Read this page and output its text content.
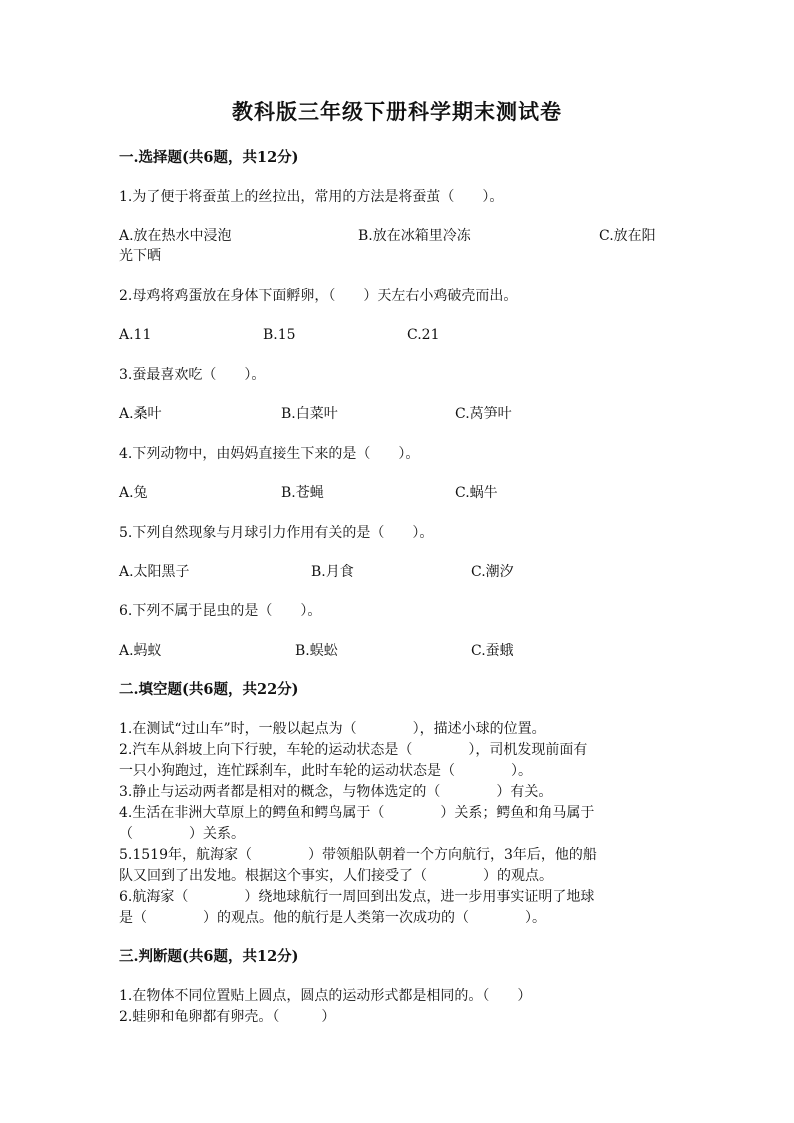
教科版三年级下册科学期末测试卷
一.选择题(共6题，共12分)
1.为了便于将蚕茧上的丝拉出，常用的方法是将蚕茧（　　）。
A.放在热水中浸泡	B.放在冰箱里冷冻	C.放在阳
光下晒
2.母鸡将鸡蛋放在身体下面孵卵，（　　）天左右小鸡破壳而出。
A.11	B.15	C.21
3.蚕最喜欢吃（　　）。
A.桑叶	B.白菜叶	C.莴笋叶
4.下列动物中，由妈妈直接生下来的是（　　）。
A.兔	B.苍蝇	C.蜗牛
5.下列自然现象与月球引力作用有关的是（　　）。
A.太阳黑子	B.月食	C.潮汐
6.下列不属于昆虫的是（　　）。
A.蚂蚁	B.蜈蚣	C.蚕蛾
二.填空题(共6题，共22分)
1.在测试“过山车”时，一般以起点为（　　　　），描述小球的位置。
2.汽车从斜坡上向下行驶，车轮的运动状态是（　　　　），司机发现前面有
一只小狗跑过，连忙踩刹车，此时车轮的运动状态是（　　　　）。
3.静止与运动两者都是相对的概念，与物体选定的（　　　　）有关。
4.生活在非洲大草原上的鳄鱼和鳄鸟属于（　　　　）关系；鳄鱼和角马属于
（　　　　）关系。
5.1519年，航海家（　　　　）带领船队朝着一个方向航行，3年后，他的船
队又回到了出发地。根据这个事实，人们接受了（　　　　）的观点。
6.航海家（　　　　）绕地球航行一周回到出发点，进一步用事实证明了地球
是（　　　　）的观点。他的航行是人类第一次成功的（　　　　）。
三.判断题(共6题，共12分)
1.在物体不同位置贴上圆点，圆点的运动形式都是相同的。（　　）
2.蛙卵和龟卵都有卵壳。（　　　）
